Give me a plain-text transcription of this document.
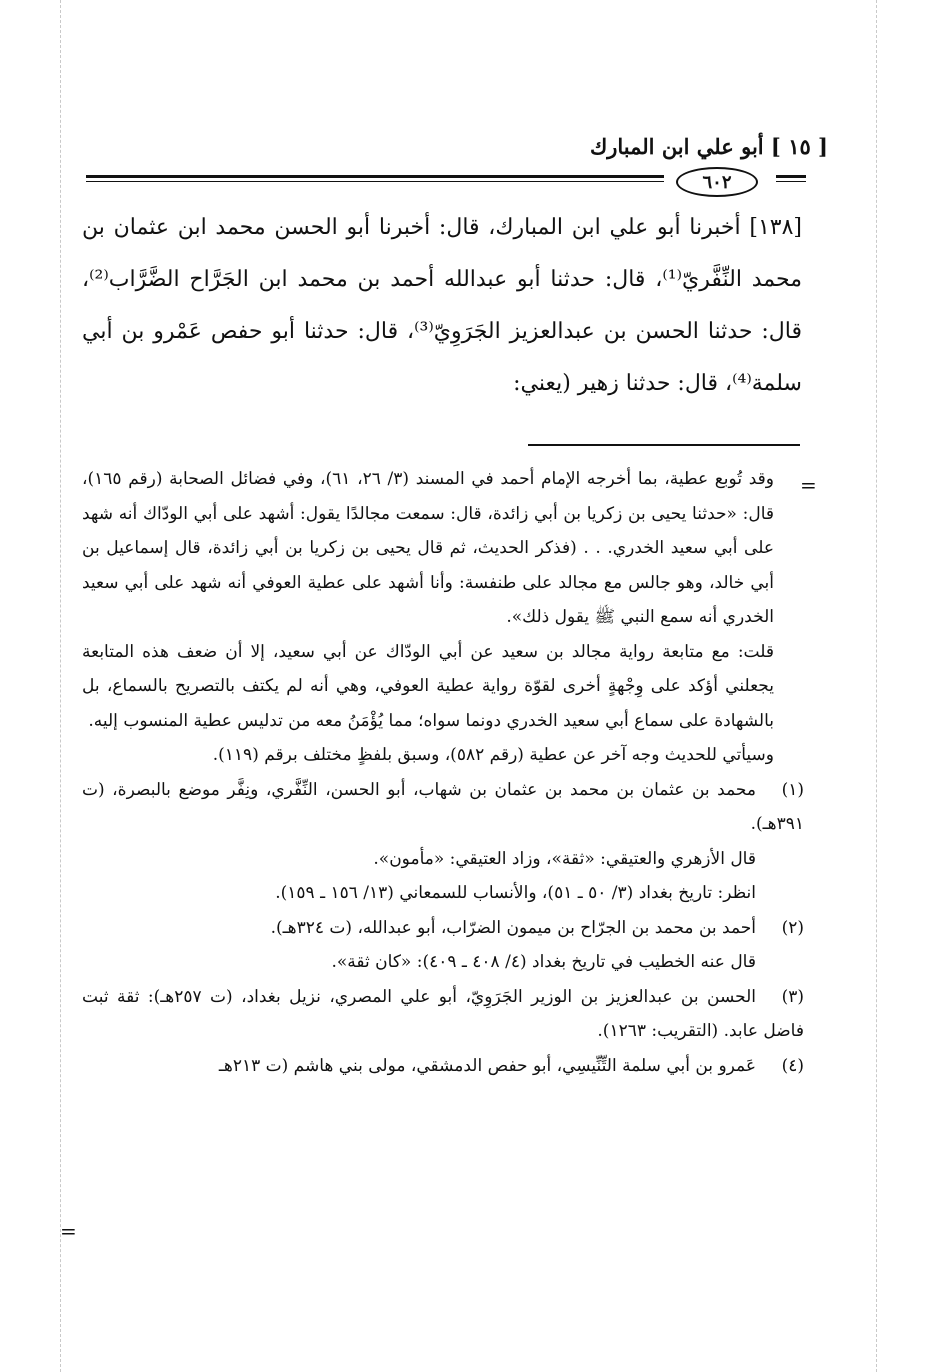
[ ١٥ ] أبو علي ابن المبارك
٦٠٢

[١٣٨] أخبرنا أبو علي ابن المبارك، قال: أخبرنا أبو الحسن محمد ابن عثمان بن محمد النِّفَّريّ⁽¹⁾، قال: حدثنا أبو عبدالله أحمد بن محمد ابن الجَرَّاح الضَّرَّاب⁽²⁾، قال: حدثنا الحسن بن عبدالعزيز الجَرَوِيّ⁽³⁾، قال: حدثنا أبو حفص عَمْرو بن أبي سلمة⁽⁴⁾، قال: حدثنا زهير (يعني:

=
=

وقد تُوبع عطية، بما أخرجه الإمام أحمد في المسند (٣/ ٢٦، ٦١)، وفي فضائل الصحابة (رقم ١٦٥)، قال: «حدثنا يحيى بن زكريا بن أبي زائدة، قال: سمعت مجالدًا يقول: أشهد على أبي الودّاك أنه شهد على أبي سعيد الخدري. . . (فذكر الحديث، ثم قال يحيى بن زكريا بن أبي زائدة، قال إسماعيل بن أبي خالد، وهو جالس مع مجالد على طنفسة: وأنا أشهد على عطية العوفي أنه شهد على أبي سعيد الخدري أنه سمع النبي ﷺ يقول ذلك».

قلت: مع متابعة رواية مجالد بن سعيد عن أبي الودّاك عن أبي سعيد، إلا أن ضعف هذه المتابعة يجعلني أؤكد على وِجْهةٍ أخرى لقوّة رواية عطية العوفي، وهي أنه لم يكتف بالتصريح بالسماع، بل بالشهادة على سماع أبي سعيد الخدري دونما سواه؛ مما يُؤْمَنُ معه من تدليس عطية المنسوب إليه.

وسيأتي للحديث وجه آخر عن عطية (رقم ٥٨٢)، وسبق بلفظٍ مختلف برقم (١١٩).

(١)محمد بن عثمان بن محمد بن عثمان بن شهاب، أبو الحسن، النِّفَّري، ونِفَّر موضع بالبصرة، (ت ٣٩١هـ).

قال الأزهري والعتيقي: «ثقة»، وزاد العتيقي: «مأمون».

انظر: تاريخ بغداد (٣/ ٥٠ ـ ٥١)، والأنساب للسمعاني (١٣/ ١٥٦ ـ ١٥٩).

(٢)أحمد بن محمد بن الجرّاح بن ميمون الضرّاب، أبو عبدالله، (ت ٣٢٤هـ).

قال عنه الخطيب في تاريخ بغداد (٤/ ٤٠٨ ـ ٤٠٩): «كان ثقة».

(٣)الحسن بن عبدالعزيز بن الوزير الجَرَوِيّ، أبو علي المصري، نزيل بغداد، (ت ٢٥٧هـ): ثقة ثبت فاضل عابد. (التقريب: ١٢٦٣).

(٤)عَمرو بن أبي سلمة التِّنِّيسِي، أبو حفص الدمشقي، مولى بني هاشم (ت ٢١٣هـ
